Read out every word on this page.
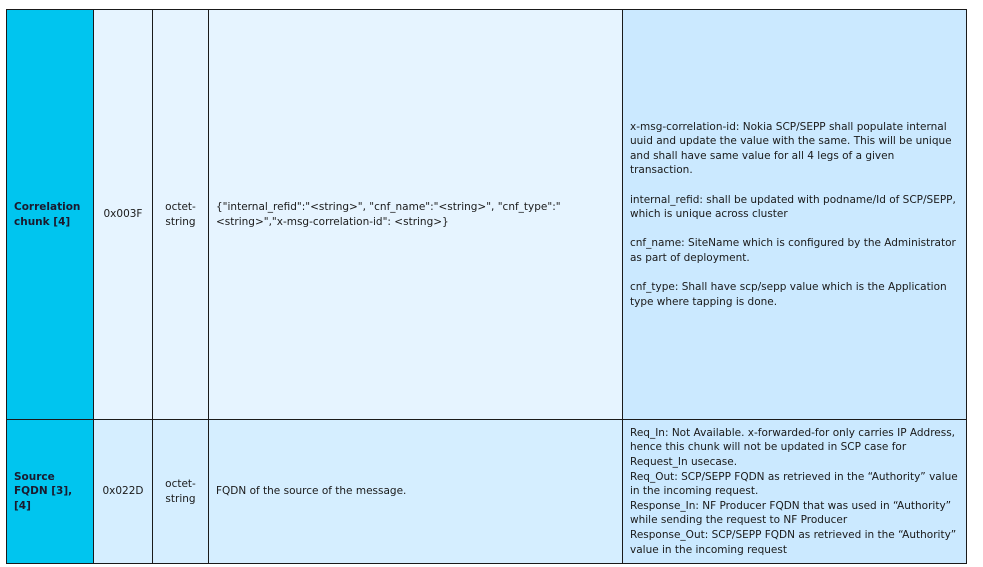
Correlation chunk [4]	0x003F	octet-string	{"internal_refid":"<string>", "cnf_name":"<string>", "cnf_type":"<string>","x-msg-correlation-id": <string>}	x-msg-correlation-id: Nokia SCP/SEPP shall populate internal uuid and update the value with the same. This will be unique and shall have same value for all 4 legs of a given transaction.

internal_refid: shall be updated with podname/Id of SCP/SEPP, which is unique across cluster

cnf_name: SiteName which is configured by the Administrator as part of deployment.

cnf_type: Shall have scp/sepp value which is the Application type where tapping is done.

Source FQDN [3], [4]	0x022D	octet-string	FQDN of the source of the message.	Req_In: Not Available. x-forwarded-for only carries IP Address, hence this chunk will not be updated in SCP case for Request_In usecase.

Req_Out: SCP/SEPP FQDN as retrieved in the “Authority” value in the incoming request.

Response_In: NF Producer FQDN that was used in “Authority” while sending the request to NF Producer

Response_Out: SCP/SEPP FQDN as retrieved in the “Authority” value in the incoming request
